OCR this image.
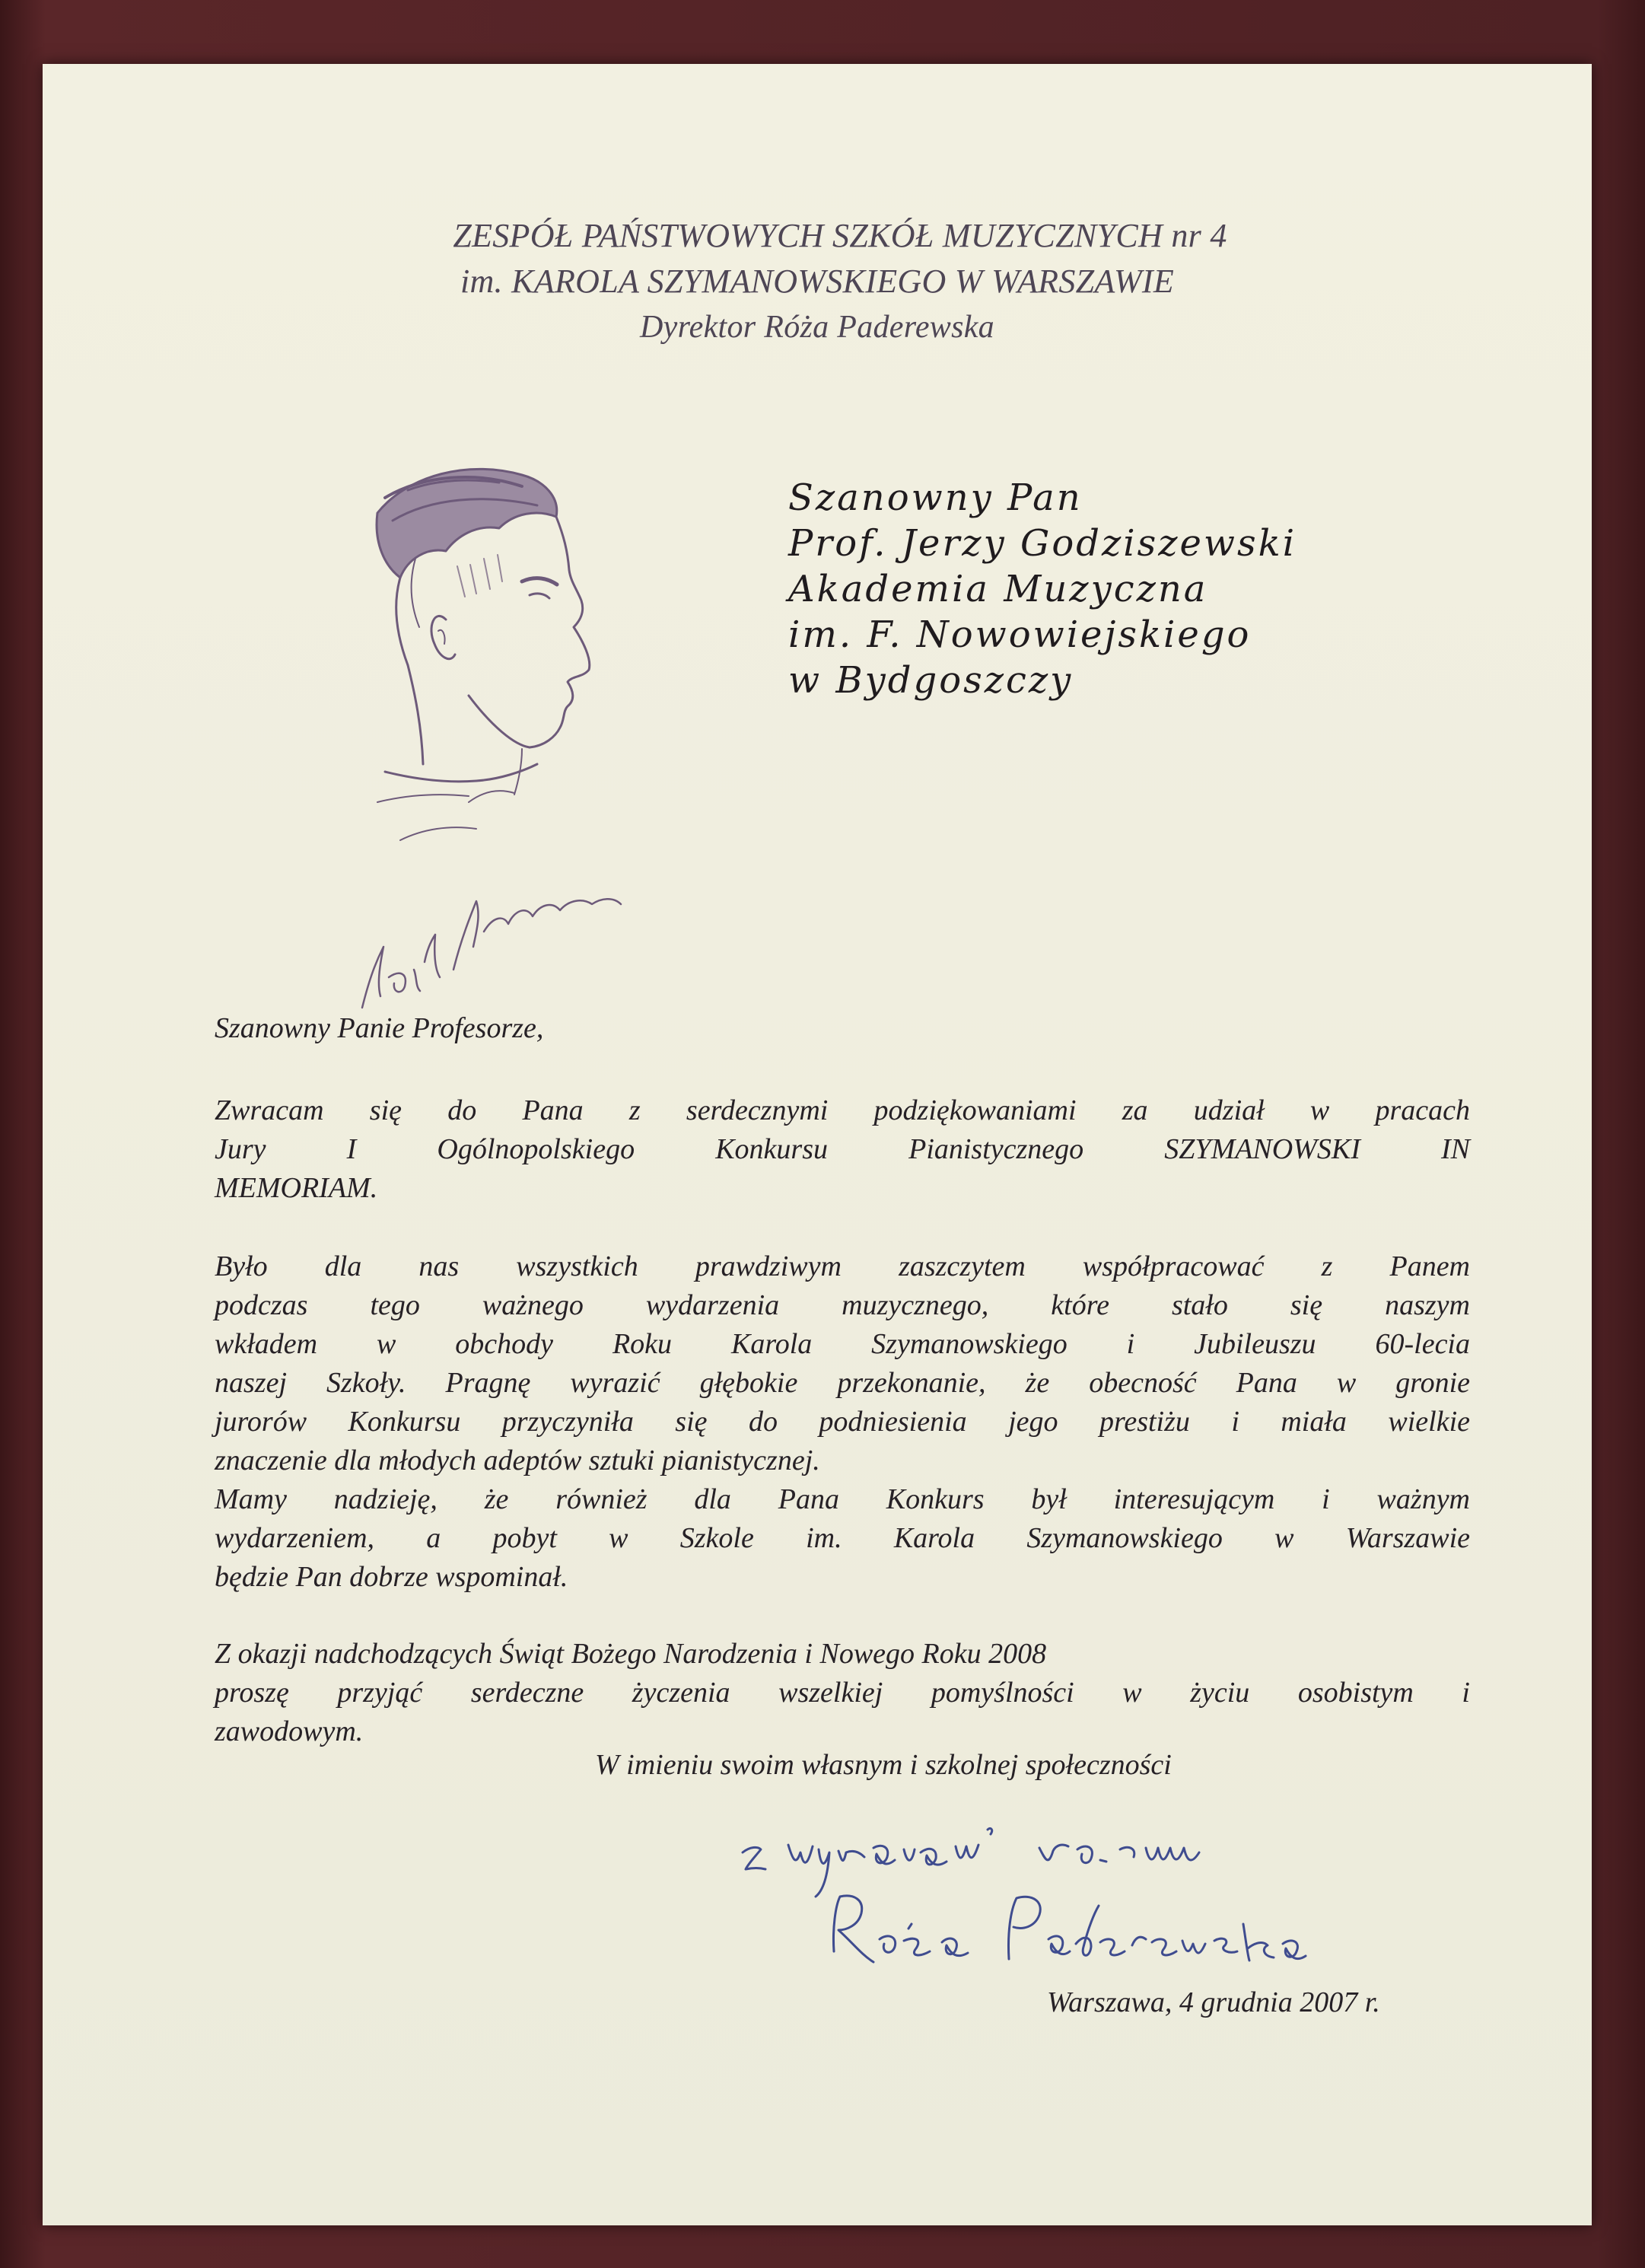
ZESPÓŁ PAŃSTWOWYCH SZKÓŁ MUZYCZNYCH nr 4
im. KAROLA SZYMANOWSKIEGO W WARSZAWIE
Dyrektor Róża Paderewska
Szanowny Pan
Prof. Jerzy Godziszewski
Akademia Muzyczna
im. F. Nowowiejskiego
w Bydgoszczy
Szanowny Panie Profesorze,
Zwracam się do Pana z serdecznymi podziękowaniami za udział w pracach
Jury I Ogólnopolskiego Konkursu Pianistycznego SZYMANOWSKI IN
MEMORIAM.
Było dla nas wszystkich prawdziwym zaszczytem współpracować z Panem
podczas tego ważnego wydarzenia muzycznego, które stało się naszym
wkładem w obchody Roku Karola Szymanowskiego i Jubileuszu 60-lecia
naszej Szkoły. Pragnę wyrazić głębokie przekonanie, że obecność Pana w gronie
jurorów Konkursu przyczyniła się do podniesienia jego prestiżu i miała wielkie
znaczenie dla młodych adeptów sztuki pianistycznej.
Mamy nadzieję, że również dla Pana Konkurs był interesującym i ważnym
wydarzeniem, a pobyt w Szkole im. Karola Szymanowskiego w Warszawie
będzie Pan dobrze wspominał.
Z okazji nadchodzących Świąt Bożego Narodzenia i Nowego Roku 2008
proszę przyjąć serdeczne życzenia wszelkiej pomyślności w życiu osobistym i
zawodowym.
W imieniu swoim własnym i szkolnej społeczności
Warszawa, 4 grudnia 2007 r.
